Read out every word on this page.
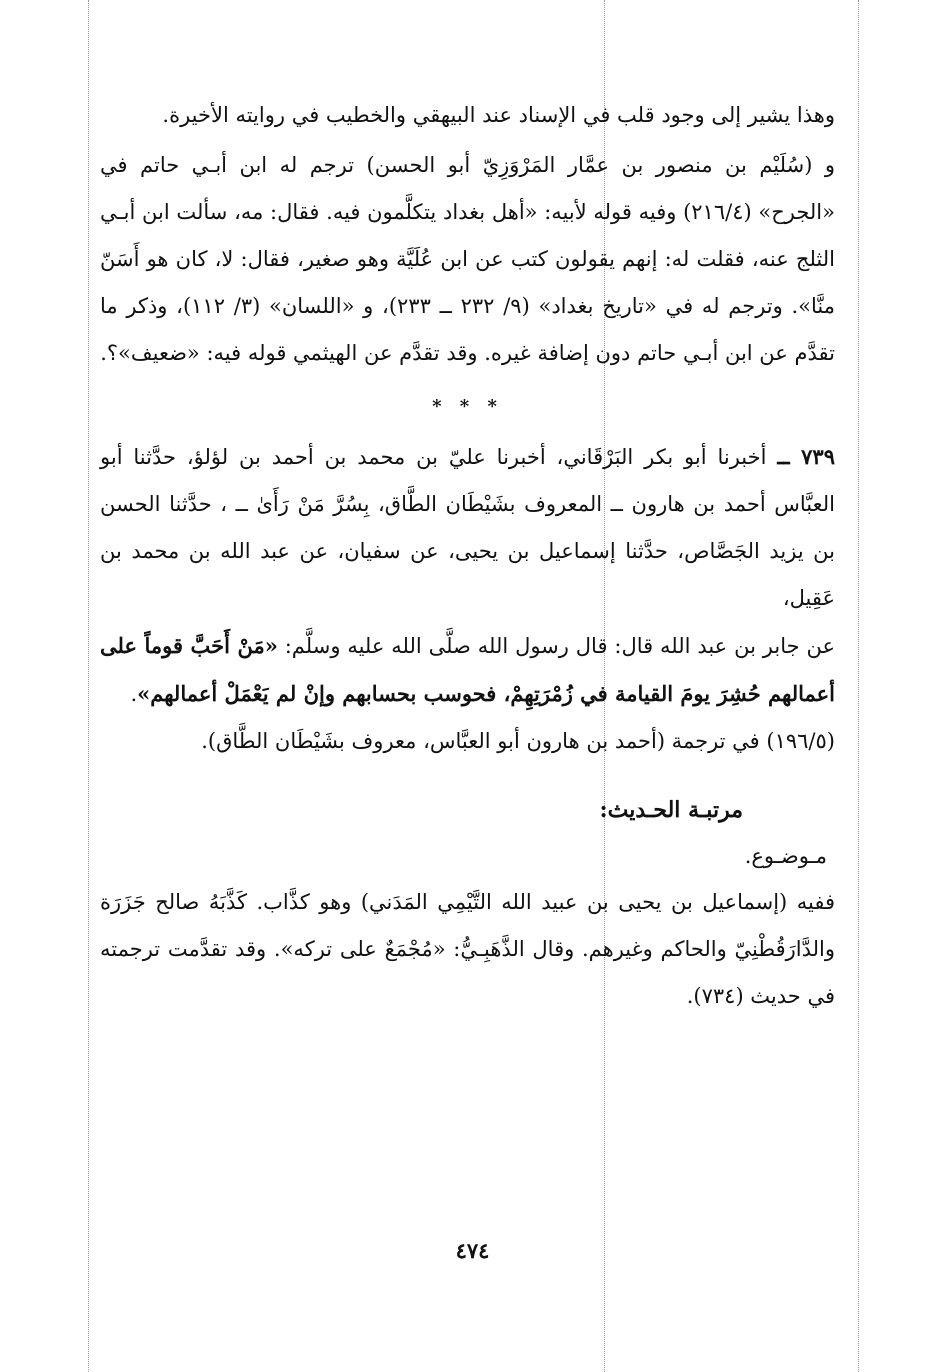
وهذا يشير إلى وجود قلب في الإسناد عند البيهقي والخطيب في روايته الأخيرة.

و (سُلَيْم بن منصور بن عمَّار المَرْوَزِيّ أبو الحسن) ترجم له ابن أبـي حاتم في «الجرح» (٢١٦/٤) وفيه قوله لأبيه: «أهل بغداد يتكلَّمون فيه. فقال: مه، سألت ابن أبـي الثلج عنه، فقلت له: إنهم يقولون كتب عن ابن عُلَيَّة وهو صغير، فقال: لا، كان هو أَسَنّ منَّا». وترجم له في «تاريخ بغداد» (٩/ ٢٣٢ ــ ٢٣٣)، و «اللسان» (٣/ ١١٢)، وذكر ما تقدَّم عن ابن أبـي حاتم دون إضافة غيره. وقد تقدَّم عن الهيثمي قوله فيه: «ضعيف»؟.

* * *

٧٣٩ ــ أخبرنا أبو بكر البَرْقَاني، أخبرنا عليّ بن محمد بن أحمد بن لؤلؤ، حدَّثنا أبو العبَّاس أحمد بن هارون ــ المعروف بشَيْطَان الطَّاق، بِسُرَّ مَنْ رَأَىٰ ــ ، حدَّثنا الحسن بن يزيد الجَصَّاص، حدَّثنا إسماعيل بن يحيى، عن سفيان، عن عبد الله بن محمد بن عَقِيل،

عن جابر بن عبد الله قال: قال رسول الله صلَّى الله عليه وسلَّم: «مَنْ أَحَبَّ قوماً على أعمالهم حُشِرَ يومَ القيامة في زُمْرَتِهِمْ، فحوسب بحسابهم وإنْ لم يَعْمَلْ أعمالهم».

(١٩٦/٥) في ترجمة (أحمد بن هارون أبو العبَّاس، معروف بشَيْطَان الطَّاق).

مرتبـة الحـديث:
مـوضـوع.

ففيه (إسماعيل بن يحيى بن عبيد الله التَّيْمِي المَدَني) وهو كذَّاب. كَذَّبَهُ صالح جَزَرَة والدَّارَقُطْنِيّ والحاكم وغيرهم. وقال الذَّهَبِـيُّ: «مُجْمَعٌ على تركه». وقد تقدَّمت ترجمته في حديث (٧٣٤).

٤٧٤
